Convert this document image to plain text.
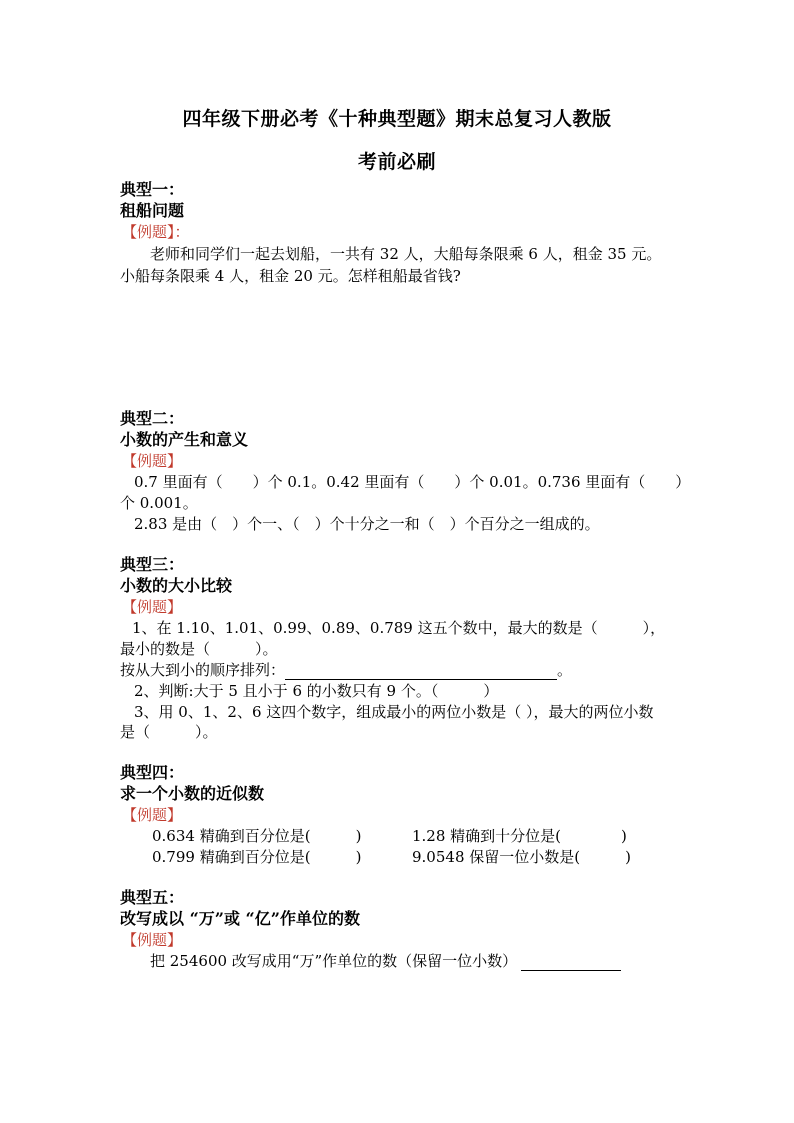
四年级下册必考《十种典型题》期末总复习人教版
考前必刷
典型一：
租船问题
【例题】：
老师和同学们一起去划船，一共有 32 人，大船每条限乘 6 人，租金 35 元。
小船每条限乘 4 人，租金 20 元。怎样租船最省钱?
典型二：
小数的产生和意义
【例题】
0.7 里面有（　　）个 0.1。0.42 里面有（　　）个 0.01。0.736 里面有（　　）
个 0.001。
2.83 是由（　）个一、（　）个十分之一和（　）个百分之一组成的。
典型三：
小数的大小比较
【例题】
1、在 1.10、1.01、0.99、0.89、0.789 这五个数中，最大的数是（　　　），
最小的数是（　　　）。
按从大到小的顺序排列：	。
2、判断:大于 5 且小于 6 的小数只有 9 个。（　　　）
3、用 0、1、2、6 这四个数字，组成最小的两位小数是（ ），最大的两位小数
是（　　　）。
典型四：
求一个小数的近似数
【例题】
0.634 精确到百分位是(　　　)	1.28 精确到十分位是(　　　　)
0.799 精确到百分位是(　　　)	9.0548 保留一位小数是(　　　)
典型五：
改写成以 “万”或 “亿”作单位的数
【例题】
把 254600 改写成用“万”作单位的数（保留一位小数）
